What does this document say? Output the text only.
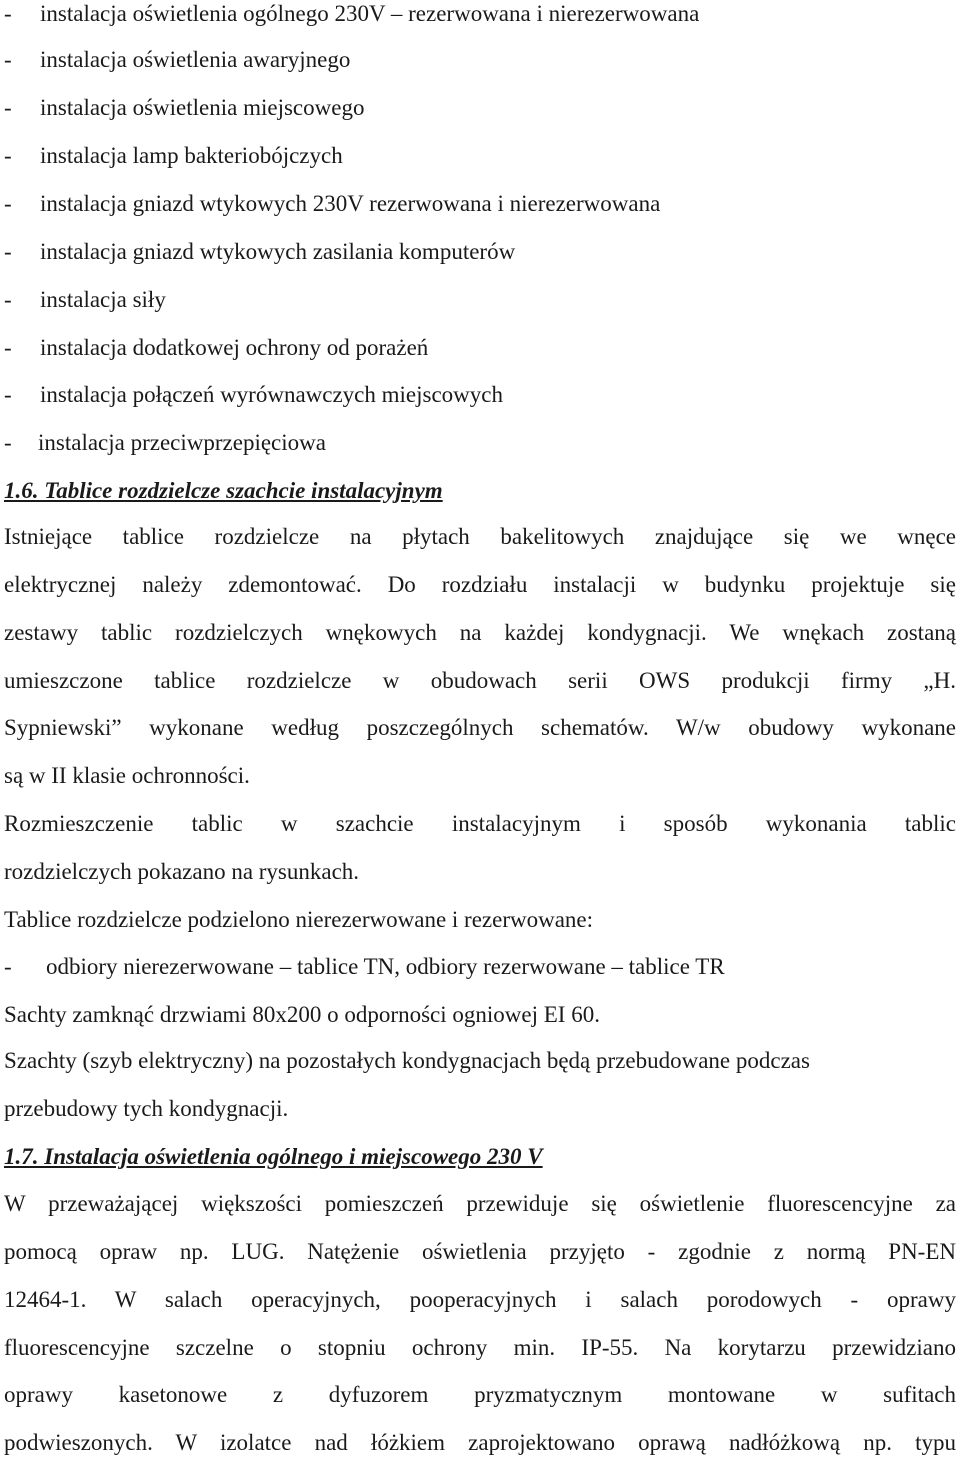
- instalacja oświetlenia ogólnego 230V – rezerwowana i nierezerwowana
- instalacja oświetlenia awaryjnego
- instalacja oświetlenia miejscowego
- instalacja lamp bakteriobójczych
- instalacja gniazd wtykowych 230V rezerwowana i nierezerwowana
- instalacja gniazd wtykowych zasilania komputerów
- instalacja siły
- instalacja dodatkowej ochrony od porażeń
- instalacja połączeń wyrównawczych miejscowych
- instalacja przeciwprzepięciowa
1.6. Tablice rozdzielcze szachcie instalacyjnym
Istniejące tablice rozdzielcze na płytach bakelitowych znajdujące się we wnęce
elektrycznej należy zdemontować. Do rozdziału instalacji w budynku projektuje się
zestawy tablic rozdzielczych wnękowych na każdej kondygnacji. We wnękach zostaną
umieszczone tablice rozdzielcze w obudowach serii OWS produkcji firmy „H.
Sypniewski” wykonane według poszczególnych schematów. W/w obudowy wykonane
są w II klasie ochronności.
Rozmieszczenie tablic w szachcie instalacyjnym i sposób wykonania tablic
rozdzielczych pokazano na rysunkach.
Tablice rozdzielcze podzielono nierezerwowane i rezerwowane:
- odbiory nierezerwowane – tablice TN, odbiory rezerwowane – tablice TR
Sachty zamknąć drzwiami 80x200 o odporności ogniowej EI 60.
Szachty (szyb elektryczny) na pozostałych kondygnacjach będą przebudowane podczas
przebudowy tych kondygnacji.
1.7. Instalacja oświetlenia ogólnego i miejscowego 230 V
W przeważającej większości pomieszczeń przewiduje się oświetlenie fluorescencyjne za
pomocą opraw np. LUG. Natężenie oświetlenia przyjęto - zgodnie z normą PN-EN
12464-1. W salach operacyjnych, pooperacyjnych i salach porodowych - oprawy
fluorescencyjne szczelne o stopniu ochrony min. IP-55. Na korytarzu przewidziano
oprawy kasetonowe z dyfuzorem pryzmatycznym montowane w sufitach
podwieszonych. W izolatce nad łóżkiem zaprojektowano oprawą nadłóżkową np. typu
